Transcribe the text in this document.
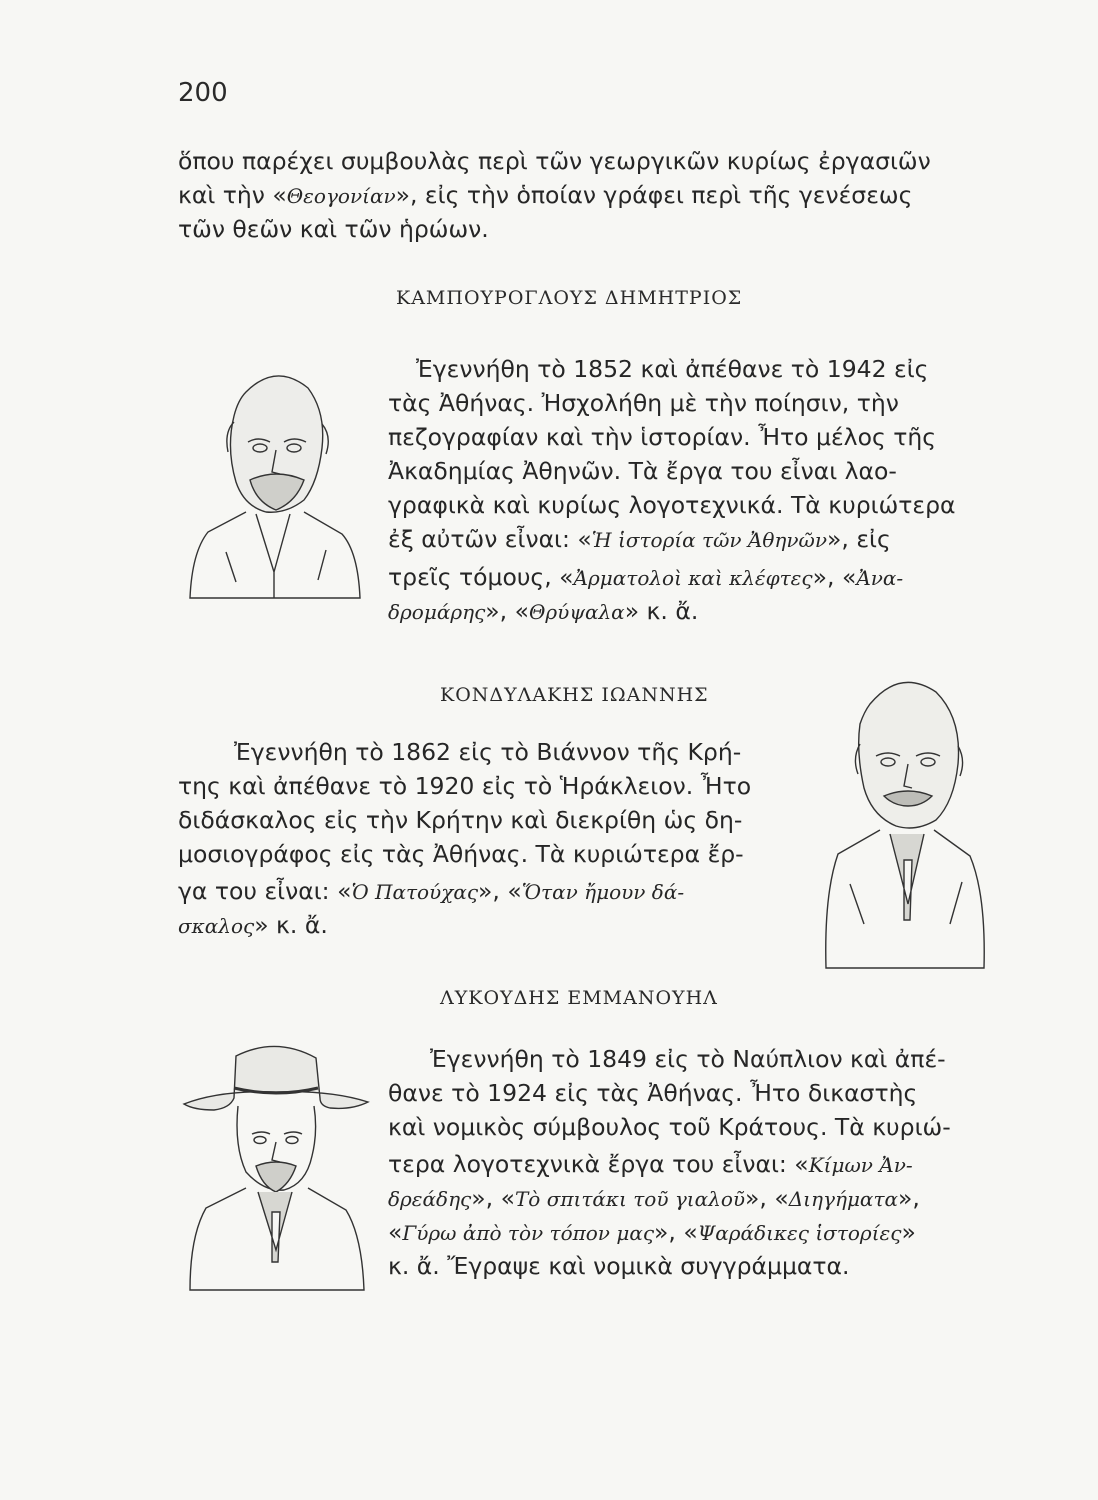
200
ὅπου παρέχει συμβουλὰς περὶ τῶν γεωργικῶν κυρίως ἐργασιῶν
καὶ τὴν «Θεογονίαν», εἰς τὴν ὁποίαν γράφει περὶ τῆς γενέσεως
τῶν θεῶν καὶ τῶν ἡρώων.
ΚΑΜΠΟΥΡΟΓΛΟΥΣ ΔΗΜΗΤΡΙΟΣ
Ἐγεννήθη τὸ 1852 καὶ ἀπέθανε τὸ 1942 εἰς
τὰς Ἀθήνας. Ἠσχολήθη μὲ τὴν ποίησιν, τὴν
πεζογραφίαν καὶ τὴν ἱστορίαν. Ἦτο μέλος τῆς
Ἀκαδημίας Ἀθηνῶν. Τὰ ἔργα του εἶναι λαο-
γραφικὰ καὶ κυρίως λογοτεχνικά. Τὰ κυριώτερα
ἐξ αὐτῶν εἶναι: «Ἡ ἱστορία τῶν Ἀθηνῶν», εἰς
τρεῖς τόμους, «Ἀρματολοὶ καὶ κλέφτες», «Ἀνα-
δρομάρης», «Θρύψαλα» κ. ἄ.
ΚΟΝΔΥΛΑΚΗΣ ΙΩΑΝΝΗΣ
Ἐγεννήθη τὸ 1862 εἰς τὸ Βιάννον τῆς Κρή-
της καὶ ἀπέθανε τὸ 1920 εἰς τὸ Ἡράκλειον. Ἦτο
διδάσκαλος εἰς τὴν Κρήτην καὶ διεκρίθη ὡς δη-
μοσιογράφος εἰς τὰς Ἀθήνας. Τὰ κυριώτερα ἔρ-
γα του εἶναι: «Ὁ Πατούχας», «Ὅταν ἤμουν δά-
σκαλος» κ. ἄ.
ΛΥΚΟΥΔΗΣ ΕΜΜΑΝΟΥΗΛ
Ἐγεννήθη τὸ 1849 εἰς τὸ Ναύπλιον καὶ ἀπέ-
θανε τὸ 1924 εἰς τὰς Ἀθήνας. Ἦτο δικαστὴς
καὶ νομικὸς σύμβουλος τοῦ Κράτους. Τὰ κυριώ-
τερα λογοτεχνικὰ ἔργα του εἶναι: «Κίμων Ἀν-
δρεάδης», «Τὸ σπιτάκι τοῦ γιαλοῦ», «Διηγήματα»,
«Γύρω ἀπὸ τὸν τόπον μας», «Ψαράδικες ἱστορίες»
κ. ἄ. Ἔγραψε καὶ νομικὰ συγγράμματα.
